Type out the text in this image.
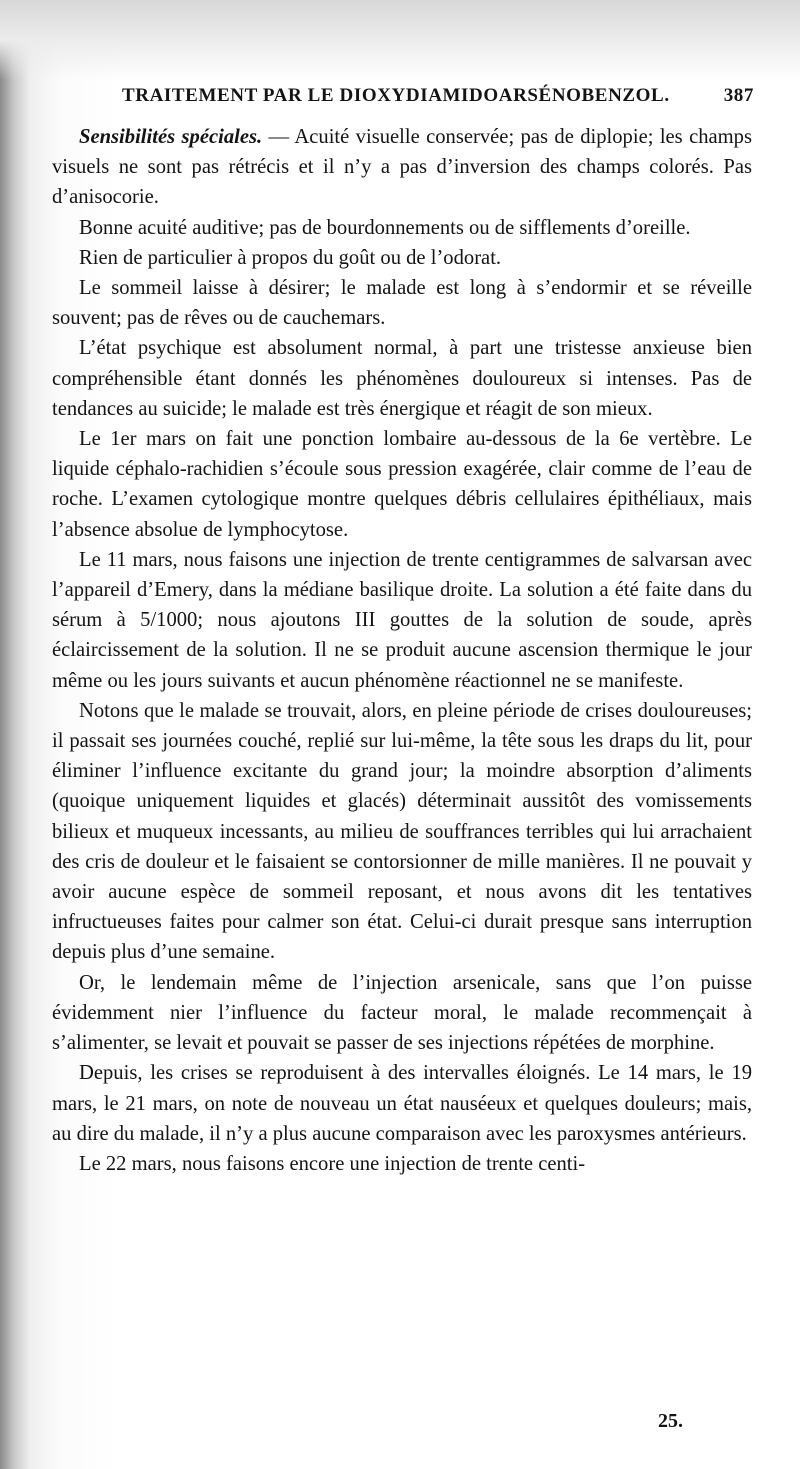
TRAITEMENT PAR LE DIOXYDIAMIDOARSÉNOBENZOL.	387

Sensibilités spéciales. — Acuité visuelle conservée; pas de diplopie; les champs visuels ne sont pas rétrécis et il n’y a pas d’inversion des champs colorés. Pas d’anisocorie.

Bonne acuité auditive; pas de bourdonnements ou de sifflements d’oreille.

Rien de particulier à propos du goût ou de l’odorat.

Le sommeil laisse à désirer; le malade est long à s’endormir et se réveille souvent; pas de rêves ou de cauchemars.

L’état psychique est absolument normal, à part une tristesse anxieuse bien compréhensible étant donnés les phénomènes douloureux si intenses. Pas de tendances au suicide; le malade est très énergique et réagit de son mieux.

Le 1er mars on fait une ponction lombaire au-dessous de la 6e vertèbre. Le liquide céphalo-rachidien s’écoule sous pression exagérée, clair comme de l’eau de roche. L’examen cytologique montre quelques débris cellulaires épithéliaux, mais l’absence absolue de lymphocytose.

Le 11 mars, nous faisons une injection de trente centigrammes de salvarsan avec l’appareil d’Emery, dans la médiane basilique droite. La solution a été faite dans du sérum à 5/1000; nous ajoutons III gouttes de la solution de soude, après éclaircissement de la solution. Il ne se produit aucune ascension thermique le jour même ou les jours suivants et aucun phénomène réactionnel ne se manifeste.

Notons que le malade se trouvait, alors, en pleine période de crises douloureuses; il passait ses journées couché, replié sur lui-même, la tête sous les draps du lit, pour éliminer l’influence excitante du grand jour; la moindre absorption d’aliments (quoique uniquement liquides et glacés) déterminait aussitôt des vomissements bilieux et muqueux incessants, au milieu de souffrances terribles qui lui arrachaient des cris de douleur et le faisaient se contorsionner de mille manières. Il ne pouvait y avoir aucune espèce de sommeil reposant, et nous avons dit les tentatives infructueuses faites pour calmer son état. Celui-ci durait presque sans interruption depuis plus d’une semaine.

Or, le lendemain même de l’injection arsenicale, sans que l’on puisse évidemment nier l’influence du facteur moral, le malade recommençait à s’alimenter, se levait et pouvait se passer de ses injections répétées de morphine.

Depuis, les crises se reproduisent à des intervalles éloignés. Le 14 mars, le 19 mars, le 21 mars, on note de nouveau un état nauséeux et quelques douleurs; mais, au dire du malade, il n’y a plus aucune comparaison avec les paroxysmes antérieurs.

Le 22 mars, nous faisons encore une injection de trente centi-

25.
